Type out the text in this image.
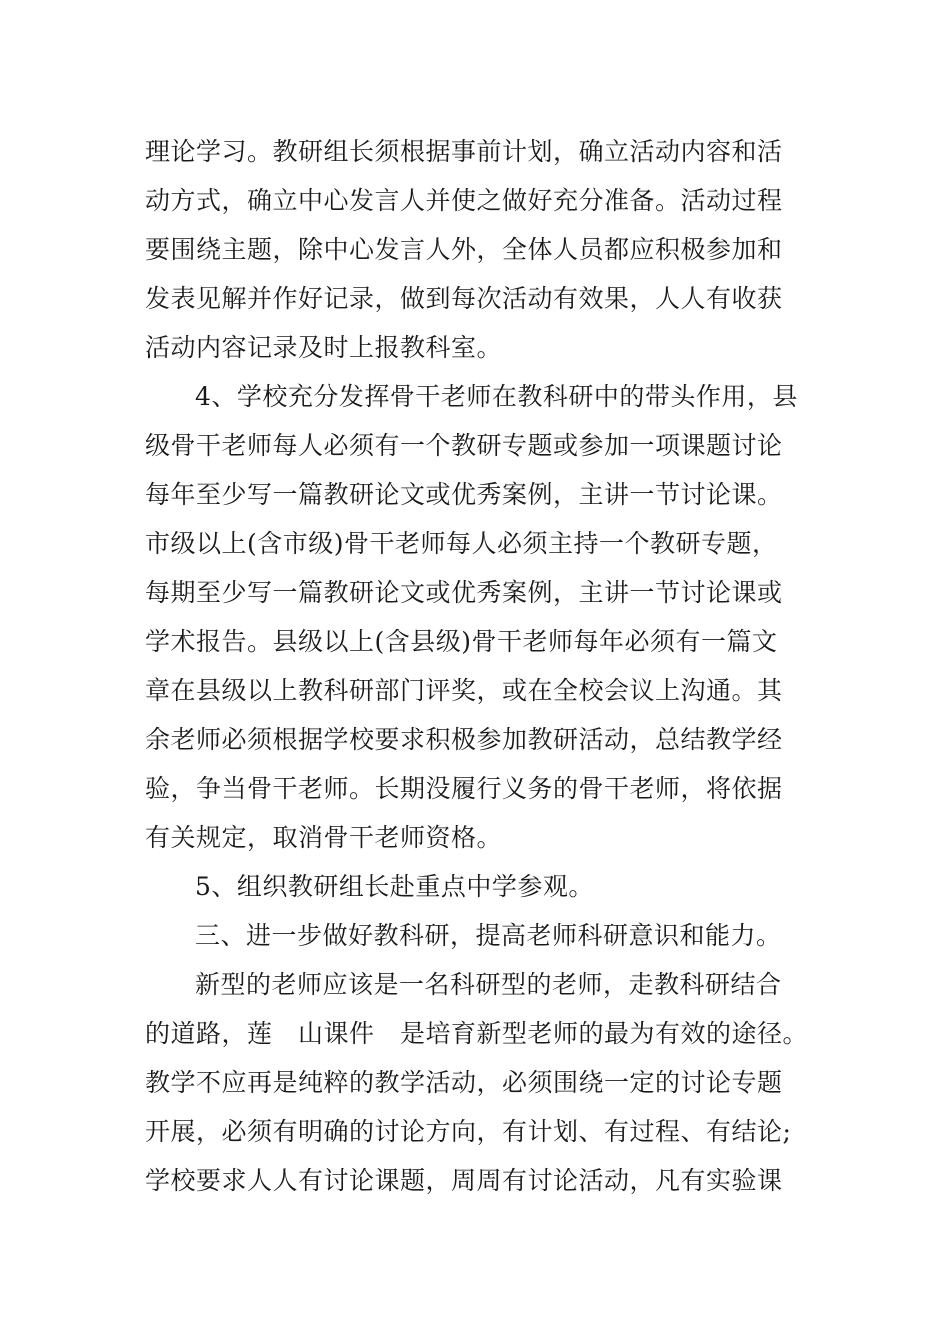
理论学习。教研组长须根据事前计划，确立活动内容和活
动方式，确立中心发言人并使之做好充分准备。活动过程
要围绕主题，除中心发言人外，全体人员都应积极参加和
发表见解并作好记录，做到每次活动有效果，人人有收获
活动内容记录及时上报教科室。
4、学校充分发挥骨干老师在教科研中的带头作用，县
级骨干老师每人必须有一个教研专题或参加一项课题讨论
每年至少写一篇教研论文或优秀案例，主讲一节讨论课。
市级以上(含市级)骨干老师每人必须主持一个教研专题，
每期至少写一篇教研论文或优秀案例，主讲一节讨论课或
学术报告。县级以上(含县级)骨干老师每年必须有一篇文
章在县级以上教科研部门评奖，或在全校会议上沟通。其
余老师必须根据学校要求积极参加教研活动，总结教学经
验，争当骨干老师。长期没履行义务的骨干老师，将依据
有关规定，取消骨干老师资格。
5、组织教研组长赴重点中学参观。
三、进一步做好教科研，提高老师科研意识和能力。
新型的老师应该是一名科研型的老师，走教科研结合
的道路，莲　山课件　是培育新型老师的最为有效的途径。
教学不应再是纯粹的教学活动，必须围绕一定的讨论专题
开展，必须有明确的讨论方向，有计划、有过程、有结论;
学校要求人人有讨论课题，周周有讨论活动，凡有实验课
